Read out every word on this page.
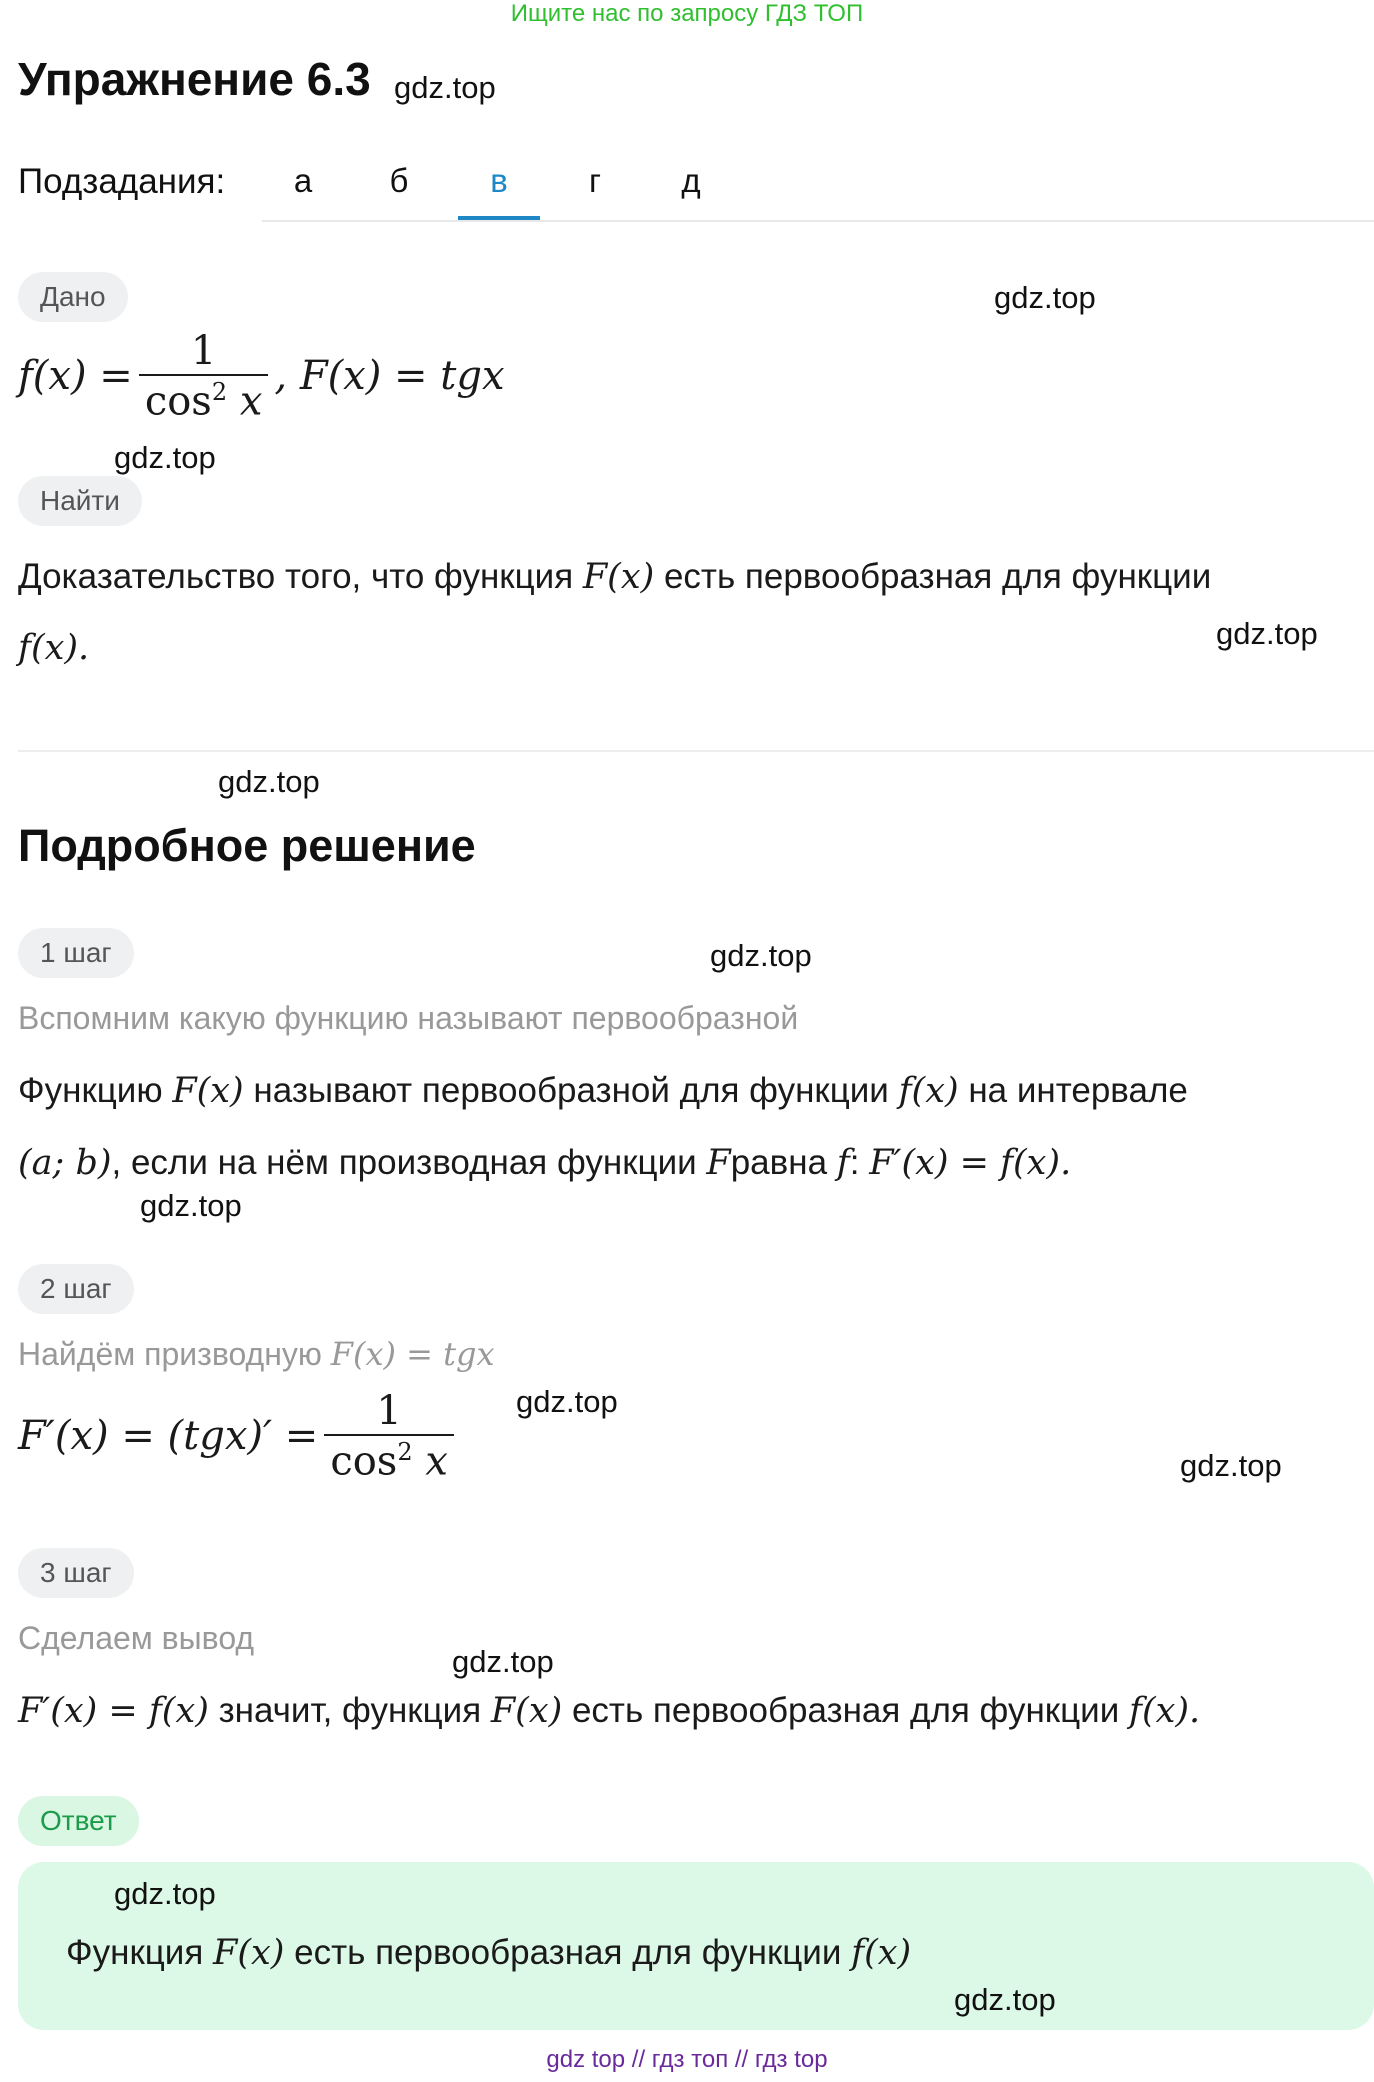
Ищите нас по запросу ГДЗ ТОП
Упражнение 6.3 gdz.top
Подзадания:	а	б	в	г	д
Дано	gdz.top
$f(x) = \frac{1}{\cos^2 x}$ , F(x) = tgx
gdz.top
Найти
Доказательство того, что функция F(x) есть первообразная для функции
f(x).	gdz.top
gdz.top
Подробное решение
1 шаг	gdz.top
Вспомним какую функцию называют первообразной
Функцию F(x) называют первообразной для функции f(x) на интервале
(a; b), если на нём производная функции Fравна f: F′(x) = f(x).
gdz.top
2 шаг
Найдём призводную F(x) = tgx
gdz.top
$F'(x) = (tgx)' = \frac{1}{\cos^2 x}$	gdz.top
3 шаг
Сделаем вывод
gdz.top
F′(x) = f(x) значит, функция F(x) есть первообразная для функции f(x).
Ответ
gdz.top
Функция F(x) есть первообразная для функции f(x)
gdz.top
gdz top // гдз топ // гдз top
